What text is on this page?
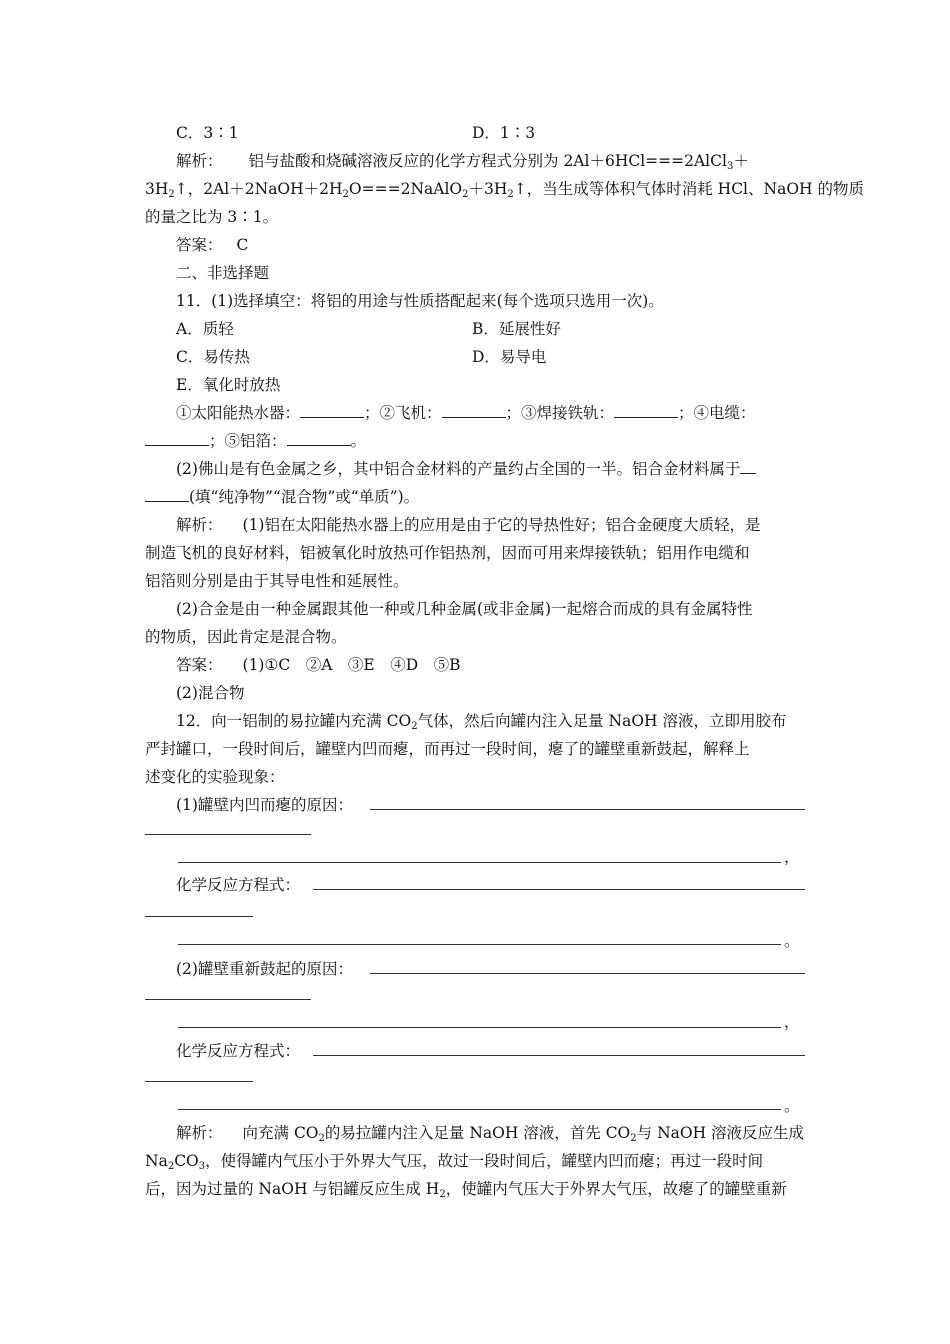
C．3∶1	D．1∶3
解析： 铝与盐酸和烧碱溶液反应的化学方程式分别为 2Al＋6HCl===2AlCl$_3$＋
$3H_2↑$，$2Al+2NaOH+2H_2O===2NaAlO_2+3H_2↑$，当生成等体积气体时消耗 HCl、NaOH 的物质
的量之比为 3∶1。
答案： C
二、非选择题
11．(1)选择填空：将铝的用途与性质搭配起来(每个选项只选用一次)。
A．质轻	B．延展性好
C．易传热	D．易导电
E．氧化时放热
①太阳能热水器：	；②飞机：	；③焊接铁轨：	；④电缆：
；⑤铝箔：	。
(2)佛山是有色金属之乡，其中铝合金材料的产量约占全国的一半。铝合金材料属于
(填“纯净物”“混合物”或“单质”)。
解析： (1)铝在太阳能热水器上的应用是由于它的导热性好；铝合金硬度大质轻，是
制造飞机的良好材料，铝被氧化时放热可作铝热剂，因而可用来焊接铁轨；铝用作电缆和
铝箔则分别是由于其导电性和延展性。
(2)合金是由一种金属跟其他一种或几种金属(或非金属)一起熔合而成的具有金属特性
的物质，因此肯定是混合物。
答案： (1)①C　②A　③E　④D　⑤B
(2)混合物
12．向一铝制的易拉罐内充满 $CO_2$气体，然后向罐内注入足量 NaOH 溶液，立即用胶布
严封罐口，一段时间后，罐壁内凹而瘪，而再过一段时间，瘪了的罐壁重新鼓起，解释上
述变化的实验现象：
(1)罐壁内凹而瘪的原因：
，
化学反应方程式：
。
(2)罐壁重新鼓起的原因：
，
化学反应方程式：
。
解析： 向充满 $CO_2$的易拉罐内注入足量 NaOH 溶液，首先 $CO_2$与 NaOH 溶液反应生成
$Na_2CO_3$，使得罐内气压小于外界大气压，故过一段时间后，罐壁内凹而瘪；再过一段时间
后，因为过量的 NaOH 与铝罐反应生成 $H_2$，使罐内气压大于外界大气压，故瘪了的罐壁重新
